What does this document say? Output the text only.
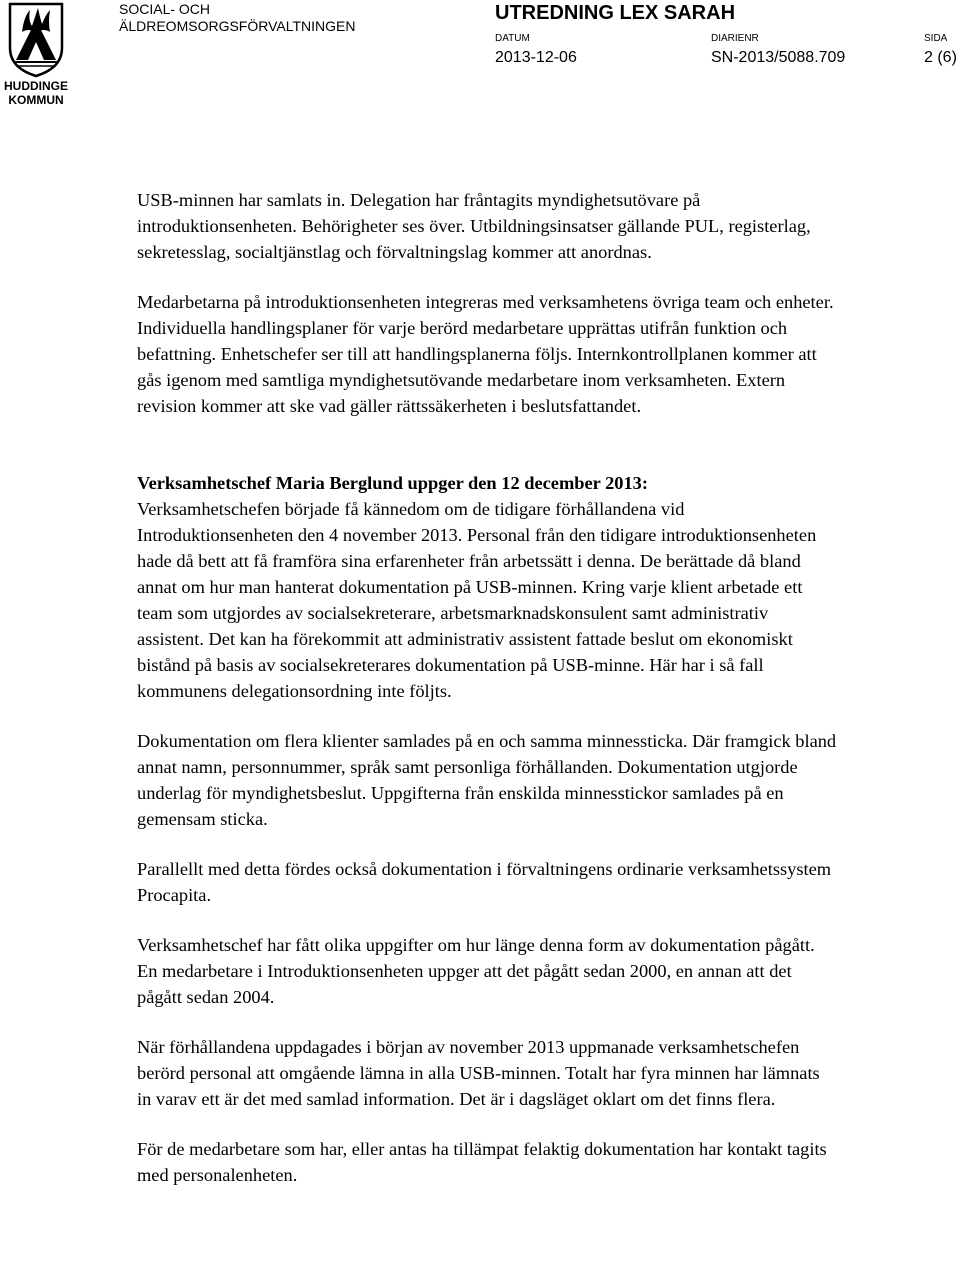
HUDDINGE
KOMMUN
SOCIAL- OCH
ÄLDREOMSORGSFÖRVALTNINGEN
UTREDNING LEX SARAH
DATUM
2013-12-06
DIARIENR
SN-2013/5088.709
SIDA
2 (6)

USB-minnen har samlats in. Delegation har fråntagits myndighetsutövare på introduktionsenheten. Behörigheter ses över. Utbildningsinsatser gällande PUL, registerlag, sekretesslag, socialtjänstlag och förvaltningslag kommer att anordnas.

Medarbetarna på introduktionsenheten integreras med verksamhetens övriga team och enheter. Individuella handlingsplaner för varje berörd medarbetare upprättas utifrån funktion och befattning. Enhetschefer ser till att handlingsplanerna följs. Internkontrollplanen kommer att gås igenom med samtliga myndighetsutövande medarbetare inom verksamheten. Extern revision kommer att ske vad gäller rättssäkerheten i beslutsfattandet.

Verksamhetschef Maria Berglund uppger den 12 december 2013:

Verksamhetschefen började få kännedom om de tidigare förhållandena vid Introduktionsenheten den 4 november 2013. Personal från den tidigare introduktionsenheten hade då bett att få framföra sina erfarenheter från arbetssätt i denna. De berättade då bland annat om hur man hanterat dokumentation på USB-minnen. Kring varje klient arbetade ett team som utgjordes av socialsekreterare, arbetsmarknadskonsulent samt administrativ assistent. Det kan ha förekommit att administrativ assistent fattade beslut om ekonomiskt bistånd på basis av socialsekreterares dokumentation på USB-minne. Här har i så fall kommunens delegationsordning inte följts.

Dokumentation om flera klienter samlades på en och samma minnessticka. Där framgick bland annat namn, personnummer, språk samt personliga förhållanden. Dokumentation utgjorde underlag för myndighetsbeslut. Uppgifterna från enskilda minnesstickor samlades på en gemensam sticka.

Parallellt med detta fördes också dokumentation i förvaltningens ordinarie verksamhetssystem Procapita.

Verksamhetschef har fått olika uppgifter om hur länge denna form av dokumentation pågått. En medarbetare i Introduktionsenheten uppger att det pågått sedan 2000, en annan att det pågått sedan 2004.

När förhållandena uppdagades i början av november 2013 uppmanade verksamhetschefen berörd personal att omgående lämna in alla USB-minnen. Totalt har fyra minnen har lämnats in varav ett är det med samlad information. Det är i dagsläget oklart om det finns flera.

För de medarbetare som har, eller antas ha tillämpat felaktig dokumentation har kontakt tagits med personalenheten.
